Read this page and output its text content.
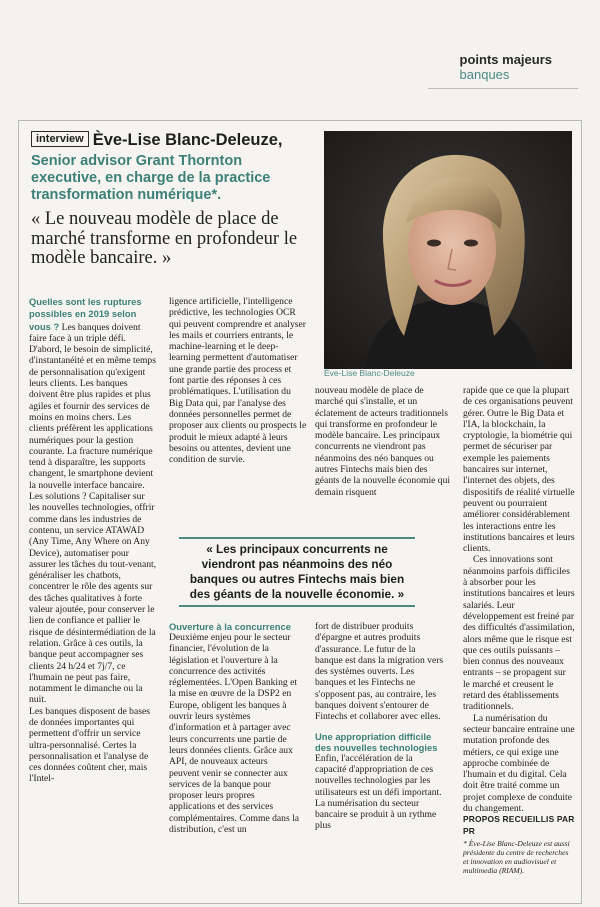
points majeurs
banques
interview Ève-Lise Blanc-Deleuze,
Senior advisor Grant Thornton executive, en charge de la practice transformation numérique*.
« Le nouveau modèle de place de marché transforme en profondeur le modèle bancaire. »
Ève-Lise Blanc-Deleuze

Quelles sont les ruptures possibles en 2019 selon vous ? Les banques doivent faire face à un triple défi. D'abord, le besoin de simplicité, d'instantanéité et en même temps de personnalisation qu'exigent leurs clients. Les banques doivent être plus rapides et plus agiles et fournir des services de moins en moins chers. Les clients préfèrent les applications numériques pour la gestion courante. La fracture numérique tend à disparaître, les supports changent, le smartphone devient la nouvelle interface bancaire.

Les solutions ? Capitaliser sur les nouvelles technologies, offrir comme dans les industries de contenu, un service ATAWAD (Any Time, Any Where on Any Device), automatiser pour assurer les tâches du tout-venant, généraliser les chatbots, concentrer le rôle des agents sur des tâches qualitatives à forte valeur ajoutée, pour conserver le lien de confiance et pallier le risque de désintermédiation de la relation. Grâce à ces outils, la banque peut accompagner ses clients 24 h/24 et 7j/7, ce l'humain ne peut pas faire, notamment le dimanche ou la nuit.

Les banques disposent de bases de données importantes qui permettent d'offrir un service ultra-personnalisé. Certes la personnalisation et l'analyse de ces données coûtent cher, mais l'Intel-

ligence artificielle, l'intelligence prédictive, les technologies OCR qui peuvent comprendre et analyser les mails et courriers entrants, le machine-learning et le deep-learning permettent d'automatiser une grande partie des process et font partie des réponses à ces problématiques. L'utilisation du Big Data qui, par l'analyse des données personnelles permet de proposer aux clients ou prospects le produit le mieux adapté à leurs besoins ou attentes, devient une condition de survie.

Ouverture à la concurrence

Deuxième enjeu pour le secteur financier, l'évolution de la législation et l'ouverture à la concurrence des activités réglementées. L'Open Banking et la mise en œuvre de la DSP2 en Europe, obligent les banques à ouvrir leurs systèmes d'information et à partager avec leurs concurrents une partie de leurs données clients. Grâce aux API, de nouveaux acteurs peuvent venir se connecter aux services de la banque pour proposer leurs propres applications et des services complémentaires. Comme dans la distribution, c'est un

nouveau modèle de place de marché qui s'installe, et un éclatement de acteurs traditionnels qui transforme en profondeur le modèle bancaire. Les principaux concurrents ne viendront pas néanmoins des néo banques ou autres Fintechs mais bien des géants de la nouvelle économie qui demain risquent

fort de distribuer produits d'épargne et autres produits d'assurance. Le futur de la banque est dans la migration vers des systèmes ouverts. Les banques et les Fintechs ne s'opposent pas, au contraire, les banques doivent s'entourer de Fintechs et collaborer avec elles.

Une appropriation difficile des nouvelles technologies

Enfin, l'accélération de la capacité d'appropriation de ces nouvelles technologies par les utilisateurs est un défi important. La numérisation du secteur bancaire se produit à un rythme plus

rapide que ce que la plupart de ces organisations peuvent gérer. Outre le Big Data et l'IA, la blockchain, la cryptologie, la biométrie qui permet de sécuriser par exemple les paiements bancaires sur internet, l'internet des objets, des dispositifs de réalité virtuelle peuvent ou pourraient améliorer considérablement les interactions entre les institutions bancaires et leurs clients.

Ces innovations sont néanmoins parfois difficiles à absorber pour les institutions bancaires et leurs salariés. Leur développement est freiné par des difficultés d'assimilation, alors même que le risque est que ces outils puissants – bien connus des nouveaux entrants – se propagent sur le marché et creusent le retard des établissements traditionnels.

La numérisation du secteur bancaire entraine une mutation profonde des métiers, ce qui exige une approche combinée de l'humain et du digital. Cela doit être traité comme un projet complexe de conduite du changement.

PROPOS RECUEILLIS PAR PR
* Ève-Lise Blanc-Deleuze est aussi présidente du centre de recherches et innovation en audiovisuel et multimedia (RIAM).
« Les principaux concurrents ne viendront pas néanmoins des néo banques ou autres Fintechs mais bien des géants de la nouvelle économie. »
